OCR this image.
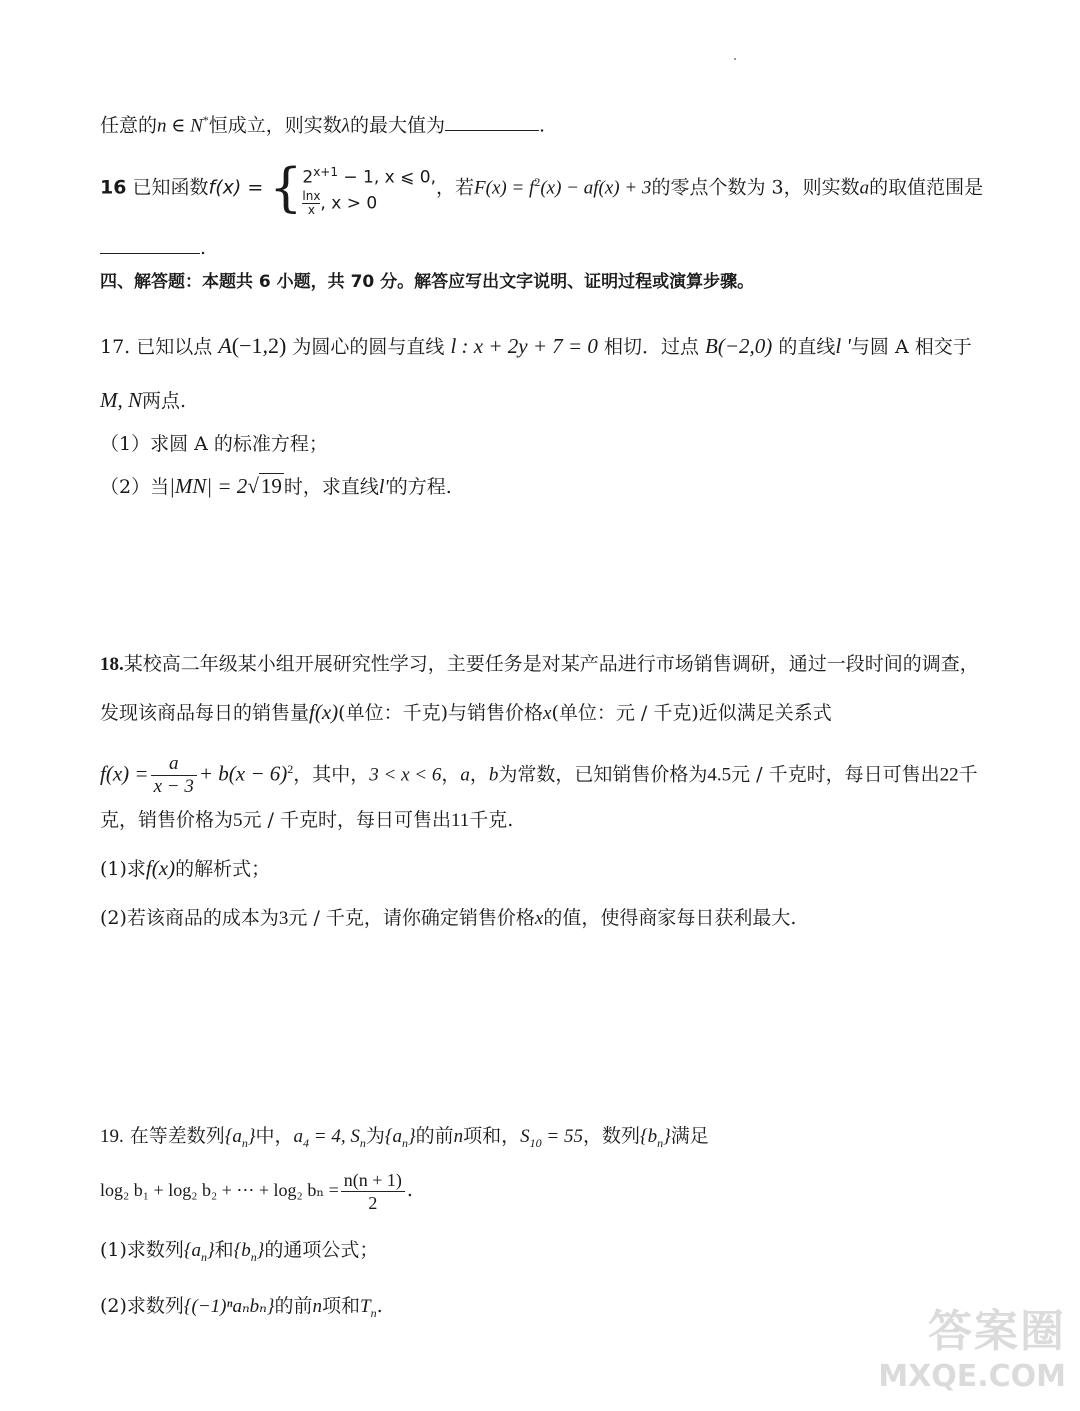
任意的n ∈ N*恒成立，则实数λ的最大值为	.
16 已知函数f(x) = { $2^{x+1} - 1$, x ⩽ 0,
$\frac{\ln x}{x}$, x > 0
，若$F(x) = f^2(x) - af(x) + 3$的零点个数为 3，则实数a的取值范围是
.
四、解答题：本题共 6 小题，共 70 分。解答应写出文字说明、证明过程或演算步骤。
17. 已知以点 A(−1,2) 为圆心的圆与直线 l : x + 2y + 7 = 0 相切．过点 B(−2,0) 的直线l '与圆 A 相交于
M, N两点.
（1）求圆 A 的标准方程；
（2）当|MN| = 2√19 时，求直线l'的方程.
18.某校高二年级某小组开展研究性学习，主要任务是对某产品进行市场销售调研，通过一段时间的调查，
发现该商品每日的销售量f(x)(单位：千克)与销售价格x(单位：元 / 千克)近似满足关系式
$f(x) = \frac{a}{x - 3} + b(x - 6)^2$，其中，3 < x < 6，a，b为常数，已知销售价格为4.5元 / 千克时，每日可售出22千
克，销售价格为5元 / 千克时，每日可售出11千克.
(1)求f(x)的解析式；
(2)若该商品的成本为3元 / 千克，请你确定销售价格x的值，使得商家每日获利最大.
19. 在等差数列$\{a_n\}$中，$a_4 = 4$, $S_n$为$\{a_n\}$的前n项和，$S_{10} = 55$，数列$\{b_n\}$满足
log₂ b₁ + log₂ b₂ + ⋯ + log₂ $b_n = \frac{n(n + 1)}{2}$ .
(1)求数列$\{a_n\}$和$\{b_n\}$的通项公式；
(2)求数列{(−1)ⁿaₙbₙ}的前n项和$T_n$.	答案圈
MXQE.COM
